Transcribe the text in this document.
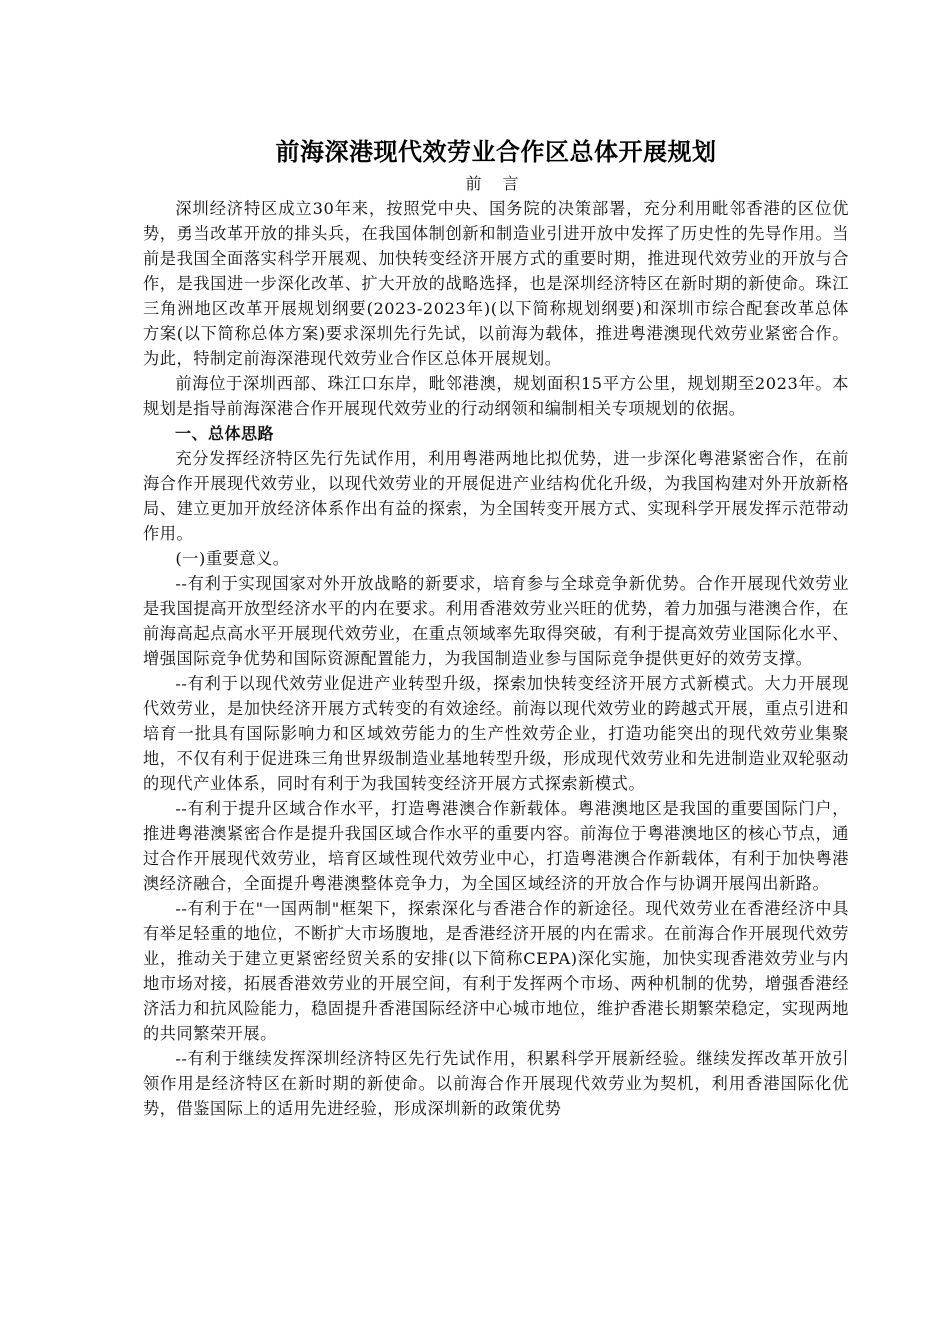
前海深港现代效劳业合作区总体开展规划
前 言

深圳经济特区成立30年来，按照党中央、国务院的决策部署，充分利用毗邻香港的区位优势，勇当改革开放的排头兵，在我国体制创新和制造业引进开放中发挥了历史性的先导作用。当前是我国全面落实科学开展观、加快转变经济开展方式的重要时期，推进现代效劳业的开放与合作，是我国进一步深化改革、扩大开放的战略选择，也是深圳经济特区在新时期的新使命。珠江三角洲地区改革开展规划纲要(2023-2023年)(以下简称规划纲要)和深圳市综合配套改革总体方案(以下简称总体方案)要求深圳先行先试，以前海为载体，推进粤港澳现代效劳业紧密合作。为此，特制定前海深港现代效劳业合作区总体开展规划。

前海位于深圳西部、珠江口东岸，毗邻港澳，规划面积15平方公里，规划期至2023年。本规划是指导前海深港合作开展现代效劳业的行动纲领和编制相关专项规划的依据。

一、总体思路

充分发挥经济特区先行先试作用，利用粤港两地比拟优势，进一步深化粤港紧密合作，在前海合作开展现代效劳业，以现代效劳业的开展促进产业结构优化升级，为我国构建对外开放新格局、建立更加开放经济体系作出有益的探索，为全国转变开展方式、实现科学开展发挥示范带动作用。

(一)重要意义。

--有利于实现国家对外开放战略的新要求，培育参与全球竞争新优势。合作开展现代效劳业是我国提高开放型经济水平的内在要求。利用香港效劳业兴旺的优势，着力加强与港澳合作，在前海高起点高水平开展现代效劳业，在重点领域率先取得突破，有利于提高效劳业国际化水平、增强国际竞争优势和国际资源配置能力，为我国制造业参与国际竞争提供更好的效劳支撑。

--有利于以现代效劳业促进产业转型升级，探索加快转变经济开展方式新模式。大力开展现代效劳业，是加快经济开展方式转变的有效途经。前海以现代效劳业的跨越式开展，重点引进和培育一批具有国际影响力和区域效劳能力的生产性效劳企业，打造功能突出的现代效劳业集聚地，不仅有利于促进珠三角世界级制造业基地转型升级，形成现代效劳业和先进制造业双轮驱动的现代产业体系，同时有利于为我国转变经济开展方式探索新模式。

--有利于提升区域合作水平，打造粤港澳合作新载体。粤港澳地区是我国的重要国际门户，推进粤港澳紧密合作是提升我国区域合作水平的重要内容。前海位于粤港澳地区的核心节点，通过合作开展现代效劳业，培育区域性现代效劳业中心，打造粤港澳合作新载体，有利于加快粤港澳经济融合，全面提升粤港澳整体竞争力，为全国区域经济的开放合作与协调开展闯出新路。

--有利于在"一国两制"框架下，探索深化与香港合作的新途径。现代效劳业在香港经济中具有举足轻重的地位，不断扩大市场腹地，是香港经济开展的内在需求。在前海合作开展现代效劳业，推动关于建立更紧密经贸关系的安排(以下简称CEPA)深化实施，加快实现香港效劳业与内地市场对接，拓展香港效劳业的开展空间，有利于发挥两个市场、两种机制的优势，增强香港经济活力和抗风险能力，稳固提升香港国际经济中心城市地位，维护香港长期繁荣稳定，实现两地的共同繁荣开展。

--有利于继续发挥深圳经济特区先行先试作用，积累科学开展新经验。继续发挥改革开放引领作用是经济特区在新时期的新使命。以前海合作开展现代效劳业为契机，利用香港国际化优势，借鉴国际上的适用先进经验，形成深圳新的政策优势
